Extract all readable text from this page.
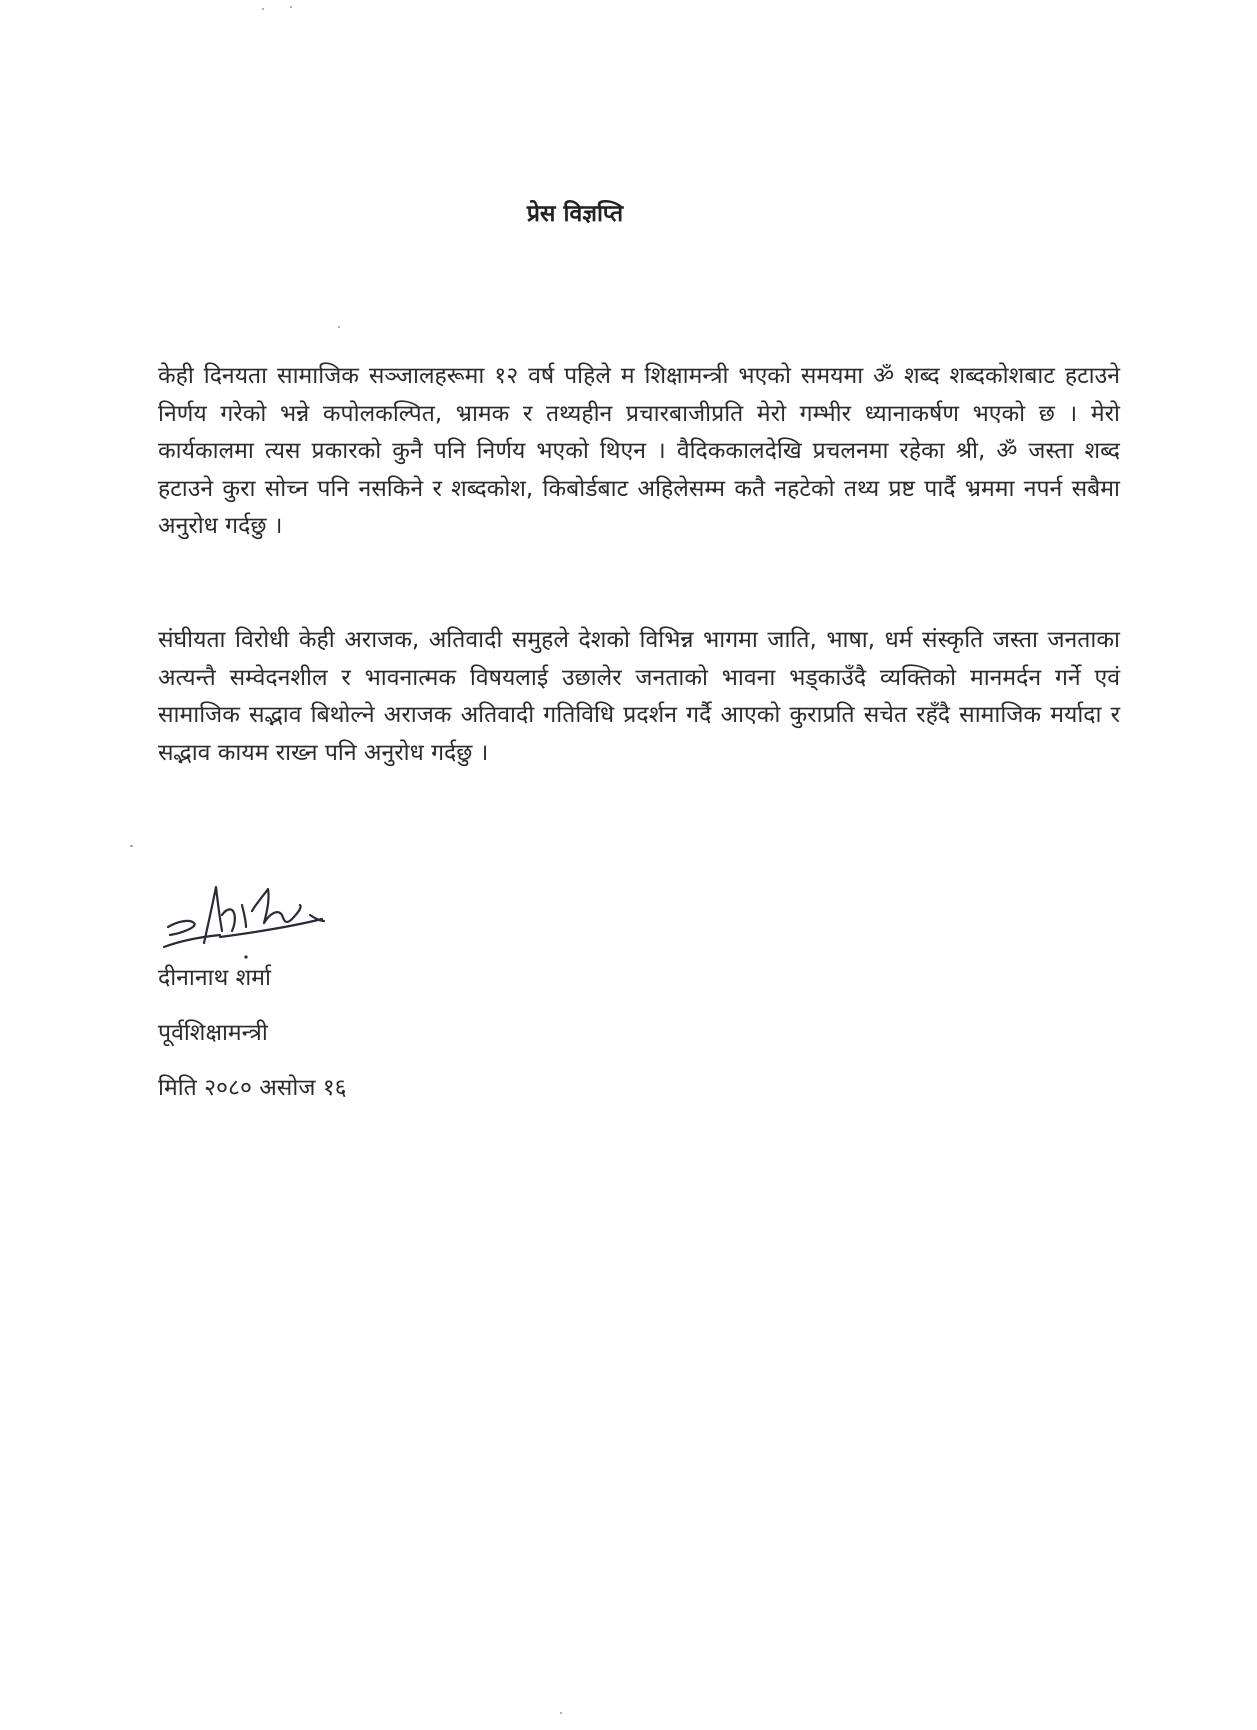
प्रेस विज्ञप्ति
केही दिनयता सामाजिक सञ्जालहरूमा १२ वर्ष पहिले म शिक्षामन्त्री भएको समयमा ॐ शब्द शब्दकोशबाट हटाउने निर्णय गरेको भन्ने कपोलकल्पित, भ्रामक र तथ्यहीन प्रचारबाजीप्रति मेरो गम्भीर ध्यानाकर्षण भएको छ । मेरो कार्यकालमा त्यस प्रकारको कुनै पनि निर्णय भएको थिएन । वैदिककालदेखि प्रचलनमा रहेका श्री, ॐ जस्ता शब्द हटाउने कुरा सोच्न पनि नसकिने र शब्दकोश, किबोर्डबाट अहिलेसम्म कतै नहटेको तथ्य प्रष्ट पार्दै भ्रममा नपर्न सबैमा अनुरोध गर्दछु ।
संघीयता विरोधी केही अराजक, अतिवादी समुहले देशको विभिन्न भागमा जाति, भाषा, धर्म संस्कृति जस्ता जनताका अत्यन्तै सम्वेदनशील र भावनात्मक विषयलाई उछालेर जनताको भावना भड्काउँदै व्यक्तिको मानमर्दन गर्ने एवं सामाजिक सद्भाव बिथोल्ने अराजक अतिवादी गतिविधि प्रदर्शन गर्दै आएको कुराप्रति सचेत रहँदै सामाजिक मर्यादा र सद्भाव कायम राख्न पनि अनुरोध गर्दछु ।
दीनानाथ शर्मा
पूर्वशिक्षामन्त्री
मिति २०८० असोज १६
